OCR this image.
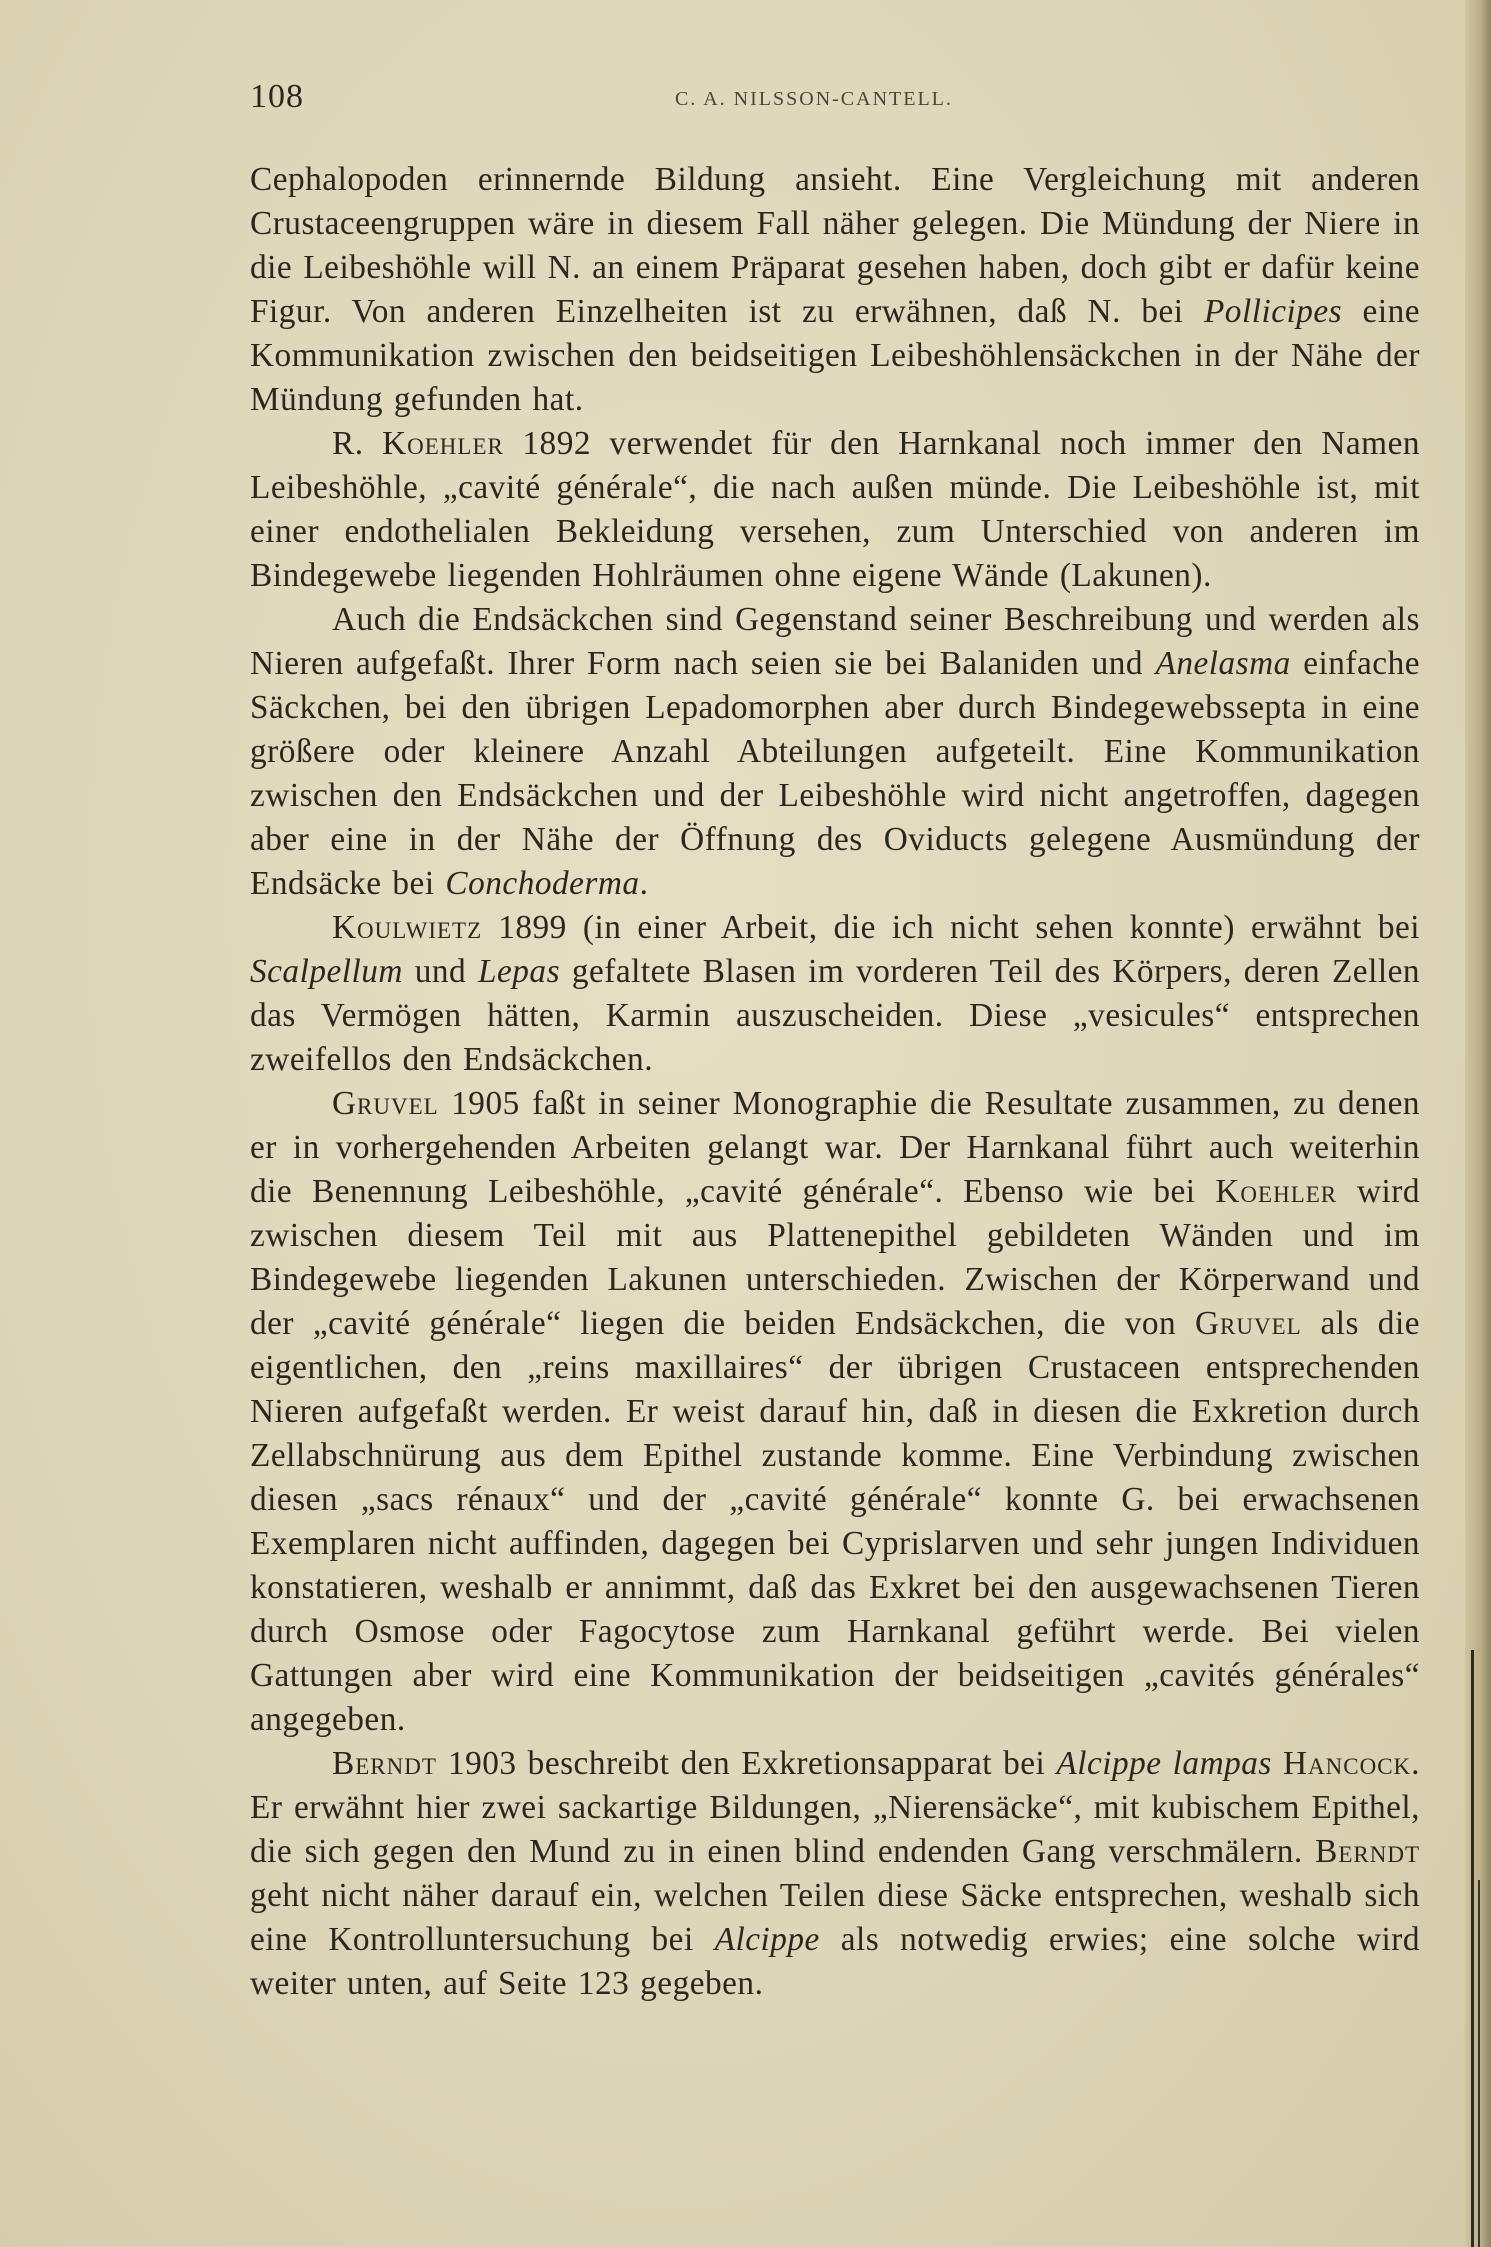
108	C. A. NILSSON-CANTELL.

Cephalopoden erinnernde Bildung ansieht. Eine Vergleichung mit anderen Crustaceengruppen wäre in diesem Fall näher gelegen. Die Mündung der Niere in die Leibeshöhle will N. an einem Präparat gesehen haben, doch gibt er dafür keine Figur. Von anderen Einzelheiten ist zu erwähnen, daß N. bei Pollicipes eine Kommunikation zwischen den beidseitigen Leibeshöhlensäckchen in der Nähe der Mündung gefunden hat.

R. Koehler 1892 verwendet für den Harnkanal noch immer den Namen Leibeshöhle, „cavité générale“, die nach außen münde. Die Leibeshöhle ist, mit einer endothelialen Bekleidung versehen, zum Unterschied von anderen im Bindegewebe liegenden Hohlräumen ohne eigene Wände (Lakunen).

Auch die Endsäckchen sind Gegenstand seiner Beschreibung und werden als Nieren aufgefaßt. Ihrer Form nach seien sie bei Balaniden und Anelasma einfache Säckchen, bei den übrigen Lepadomorphen aber durch Bindegewebssepta in eine größere oder kleinere Anzahl Abteilungen aufgeteilt. Eine Kommunikation zwischen den Endsäckchen und der Leibeshöhle wird nicht angetroffen, dagegen aber eine in der Nähe der Öffnung des Oviducts gelegene Ausmündung der Endsäcke bei Conchoderma.

Koulwietz 1899 (in einer Arbeit, die ich nicht sehen konnte) erwähnt bei Scalpellum und Lepas gefaltete Blasen im vorderen Teil des Körpers, deren Zellen das Vermögen hätten, Karmin auszuscheiden. Diese „vesicules“ entsprechen zweifellos den Endsäckchen.

Gruvel 1905 faßt in seiner Monographie die Resultate zusammen, zu denen er in vorhergehenden Arbeiten gelangt war. Der Harnkanal führt auch weiterhin die Benennung Leibeshöhle, „cavité générale“. Ebenso wie bei Koehler wird zwischen diesem Teil mit aus Plattenepithel gebildeten Wänden und im Bindegewebe liegenden Lakunen unterschieden. Zwischen der Körperwand und der „cavité générale“ liegen die beiden Endsäckchen, die von Gruvel als die eigentlichen, den „reins maxillaires“ der übrigen Crustaceen entsprechenden Nieren aufgefaßt werden. Er weist darauf hin, daß in diesen die Exkretion durch Zellabschnürung aus dem Epithel zustande komme. Eine Verbindung zwischen diesen „sacs rénaux“ und der „cavité générale“ konnte G. bei erwachsenen Exemplaren nicht auffinden, dagegen bei Cyprislarven und sehr jungen Individuen konstatieren, weshalb er annimmt, daß das Exkret bei den ausgewachsenen Tieren durch Osmose oder Fagocytose zum Harnkanal geführt werde. Bei vielen Gattungen aber wird eine Kommunikation der beidseitigen „cavités générales“ angegeben.

Berndt 1903 beschreibt den Exkretionsapparat bei Alcippe lampas Hancock. Er erwähnt hier zwei sackartige Bildungen, „Nierensäcke“, mit kubischem Epithel, die sich gegen den Mund zu in einen blind endenden Gang verschmälern. Berndt geht nicht näher darauf ein, welchen Teilen diese Säcke entsprechen, weshalb sich eine Kontrolluntersuchung bei Alcippe als notwedig erwies; eine solche wird weiter unten, auf Seite 123 gegeben.
